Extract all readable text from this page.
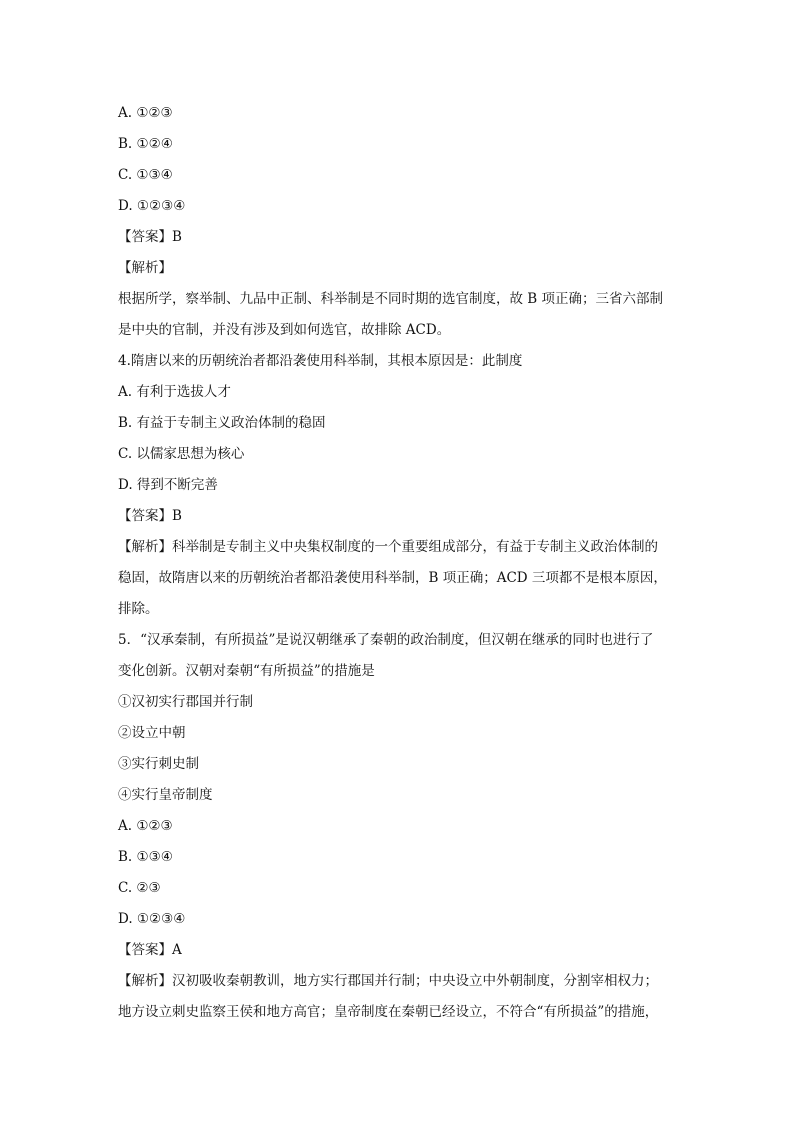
A. ①②③
B. ①②④
C. ①③④
D. ①②③④
【答案】B
【解析】
根据所学，察举制、九品中正制、科举制是不同时期的选官制度，故 B 项正确；三省六部制
是中央的官制，并没有涉及到如何选官，故排除 ACD。
4.隋唐以来的历朝统治者都沿袭使用科举制，其根本原因是：此制度
A. 有利于选拔人才
B. 有益于专制主义政治体制的稳固
C. 以儒家思想为核心
D. 得到不断完善
【答案】B
【解析】科举制是专制主义中央集权制度的一个重要组成部分，有益于专制主义政治体制的
稳固，故隋唐以来的历朝统治者都沿袭使用科举制，B 项正确；ACD 三项都不是根本原因，
排除。
5．“汉承秦制，有所损益”是说汉朝继承了秦朝的政治制度，但汉朝在继承的同时也进行了
变化创新。汉朝对秦朝“有所损益”的措施是
①汉初实行郡国并行制
②设立中朝
③实行刺史制
④实行皇帝制度
A. ①②③
B. ①③④
C. ②③
D. ①②③④
【答案】A
【解析】汉初吸收秦朝教训，地方实行郡国并行制；中央设立中外朝制度，分割宰相权力；
地方设立刺史监察王侯和地方高官；皇帝制度在秦朝已经设立，不符合“有所损益”的措施，
